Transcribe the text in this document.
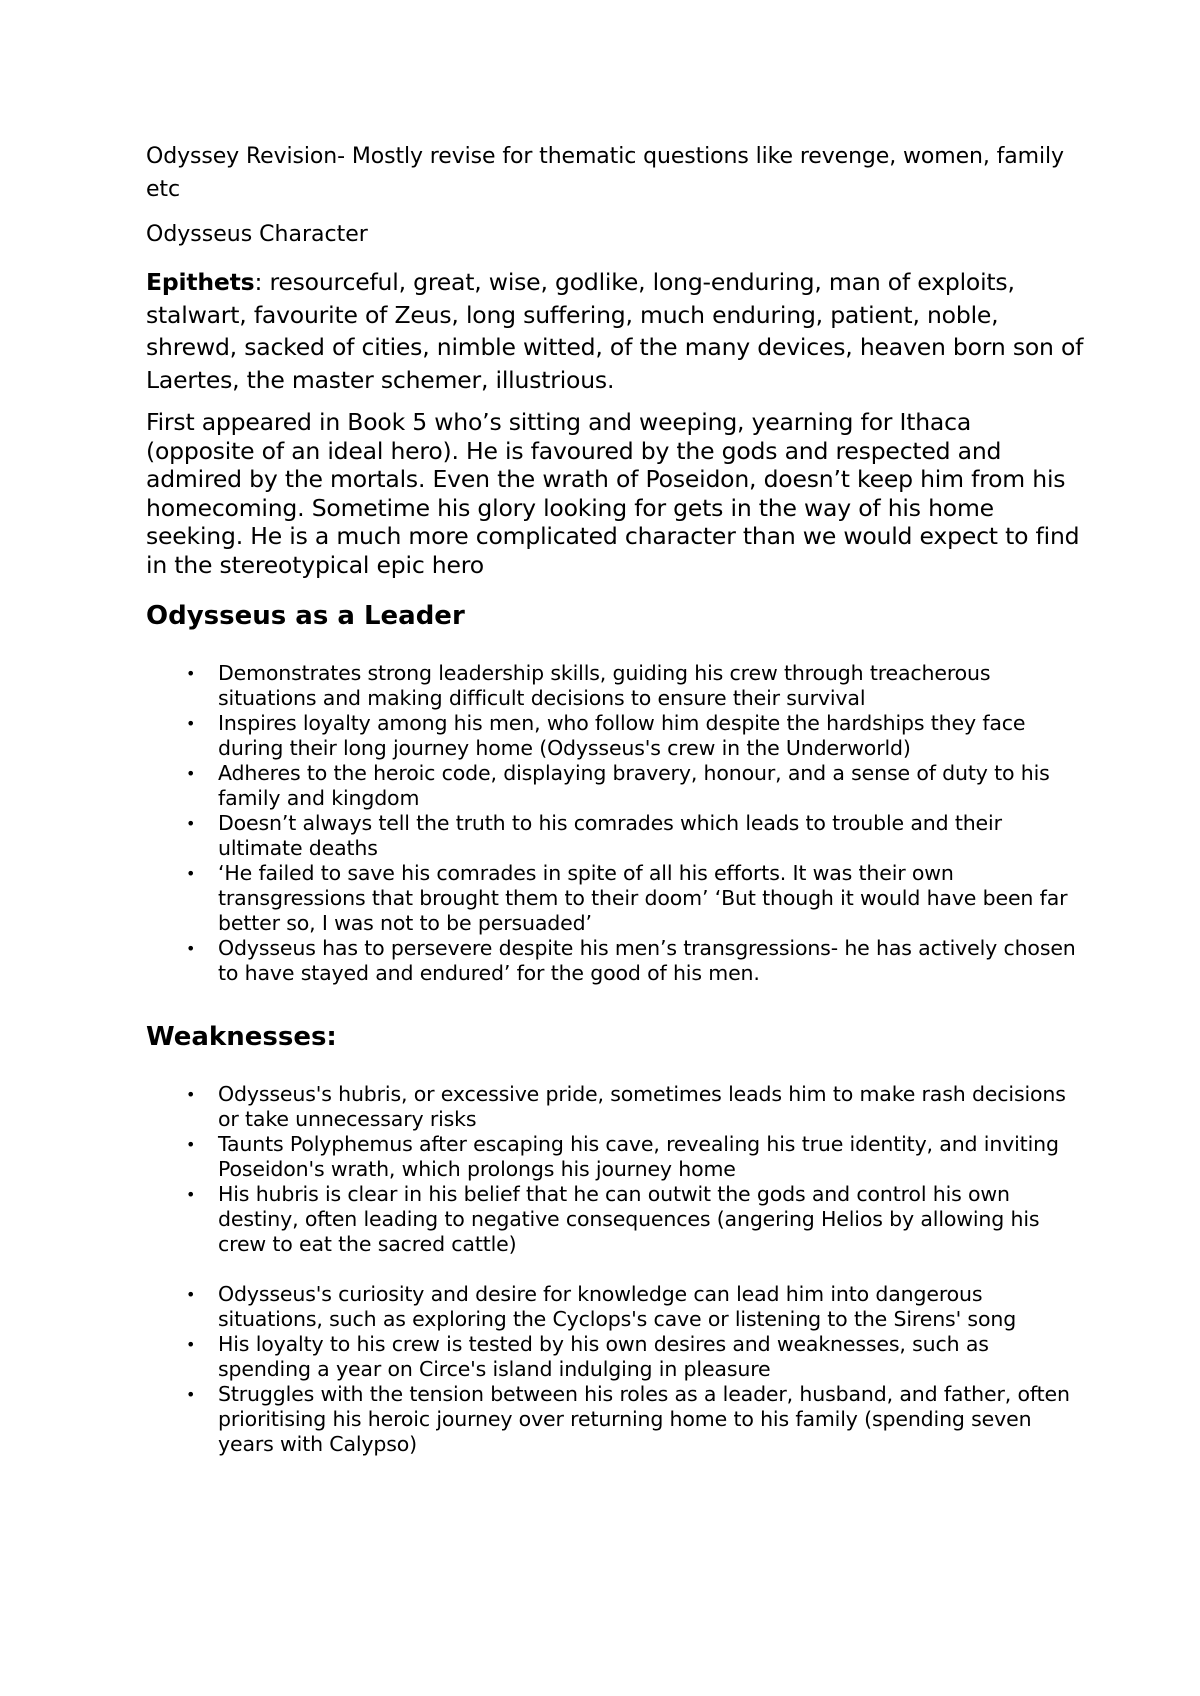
Odyssey Revision- Mostly revise for thematic questions like revenge, women, family etc

Odysseus Character

Epithets: resourceful, great, wise, godlike, long-enduring, man of exploits, stalwart, favourite of Zeus, long suffering, much enduring, patient, noble, shrewd, sacked of cities, nimble witted, of the many devices, heaven born son of Laertes, the master schemer, illustrious.

First appeared in Book 5 who’s sitting and weeping, yearning for Ithaca (opposite of an ideal hero). He is favoured by the gods and respected and admired by the mortals. Even the wrath of Poseidon, doesn’t keep him from his homecoming. Sometime his glory looking for gets in the way of his home seeking. He is a much more complicated character than we would expect to find in the stereotypical epic hero

Odysseus as a Leader
• Demonstrates strong leadership skills, guiding his crew through treacherous situations and making difficult decisions to ensure their survival
• Inspires loyalty among his men, who follow him despite the hardships they face during their long journey home (Odysseus's crew in the Underworld)
• Adheres to the heroic code, displaying bravery, honour, and a sense of duty to his family and kingdom
• Doesn’t always tell the truth to his comrades which leads to trouble and their ultimate deaths
• ‘He failed to save his comrades in spite of all his efforts. It was their own transgressions that brought them to their doom’ ‘But though it would have been far better so, I was not to be persuaded’
• Odysseus has to persevere despite his men’s transgressions- he has actively chosen to have stayed and endured’ for the good of his men.
Weaknesses:
• Odysseus's hubris, or excessive pride, sometimes leads him to make rash decisions or take unnecessary risks
• Taunts Polyphemus after escaping his cave, revealing his true identity, and inviting Poseidon's wrath, which prolongs his journey home
• His hubris is clear in his belief that he can outwit the gods and control his own destiny, often leading to negative consequences (angering Helios by allowing his crew to eat the sacred cattle)
• Odysseus's curiosity and desire for knowledge can lead him into dangerous situations, such as exploring the Cyclops's cave or listening to the Sirens' song
• His loyalty to his crew is tested by his own desires and weaknesses, such as spending a year on Circe's island indulging in pleasure
• Struggles with the tension between his roles as a leader, husband, and father, often prioritising his heroic journey over returning home to his family (spending seven years with Calypso)
